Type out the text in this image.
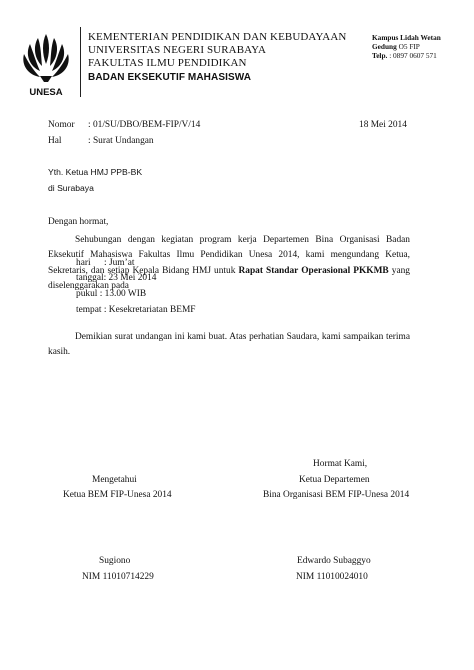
UNESA
KEMENTERIAN PENDIDIKAN DAN KEBUDAYAAN
UNIVERSITAS NEGERI SURABAYA
FAKULTAS ILMU PENDIDIKAN
BADAN EKSEKUTIF MAHASISWA
Kampus Lidah Wetan
Gedung O5 FIP
Telp. : 0897 0607 571
Nomor : 01/SU/DBO/BEM-FIP/V/14	18 Mei 2014
Hal	: Surat Undangan
Yth. Ketua HMJ PPB-BK
di Surabaya
Dengan hormat,

Sehubungan dengan kegiatan program kerja Departemen Bina Organisasi Badan Eksekutif Mahasiswa Fakultas Ilmu Pendidikan Unesa 2014, kami mengundang Ketua, Sekretaris, dan setiap Kepala Bidang HMJ untuk Rapat Standar Operasional PKKMB yang diselenggarakan pada

hari : Jum’at
tanggal: 23 Mei 2014
pukul : 13.00 WIB
tempat : Kesekretariatan BEMF

Demikian surat undangan ini kami buat. Atas perhatian Saudara, kami sampaikan terima kasih.

Hormat Kami,
Mengetahui
Ketua BEM FIP-Unesa 2014
Sugiono
NIM 11010714229
Ketua Departemen
Bina Organisasi BEM FIP-Unesa 2014
Edwardo Subaggyo
NIM 11010024010
